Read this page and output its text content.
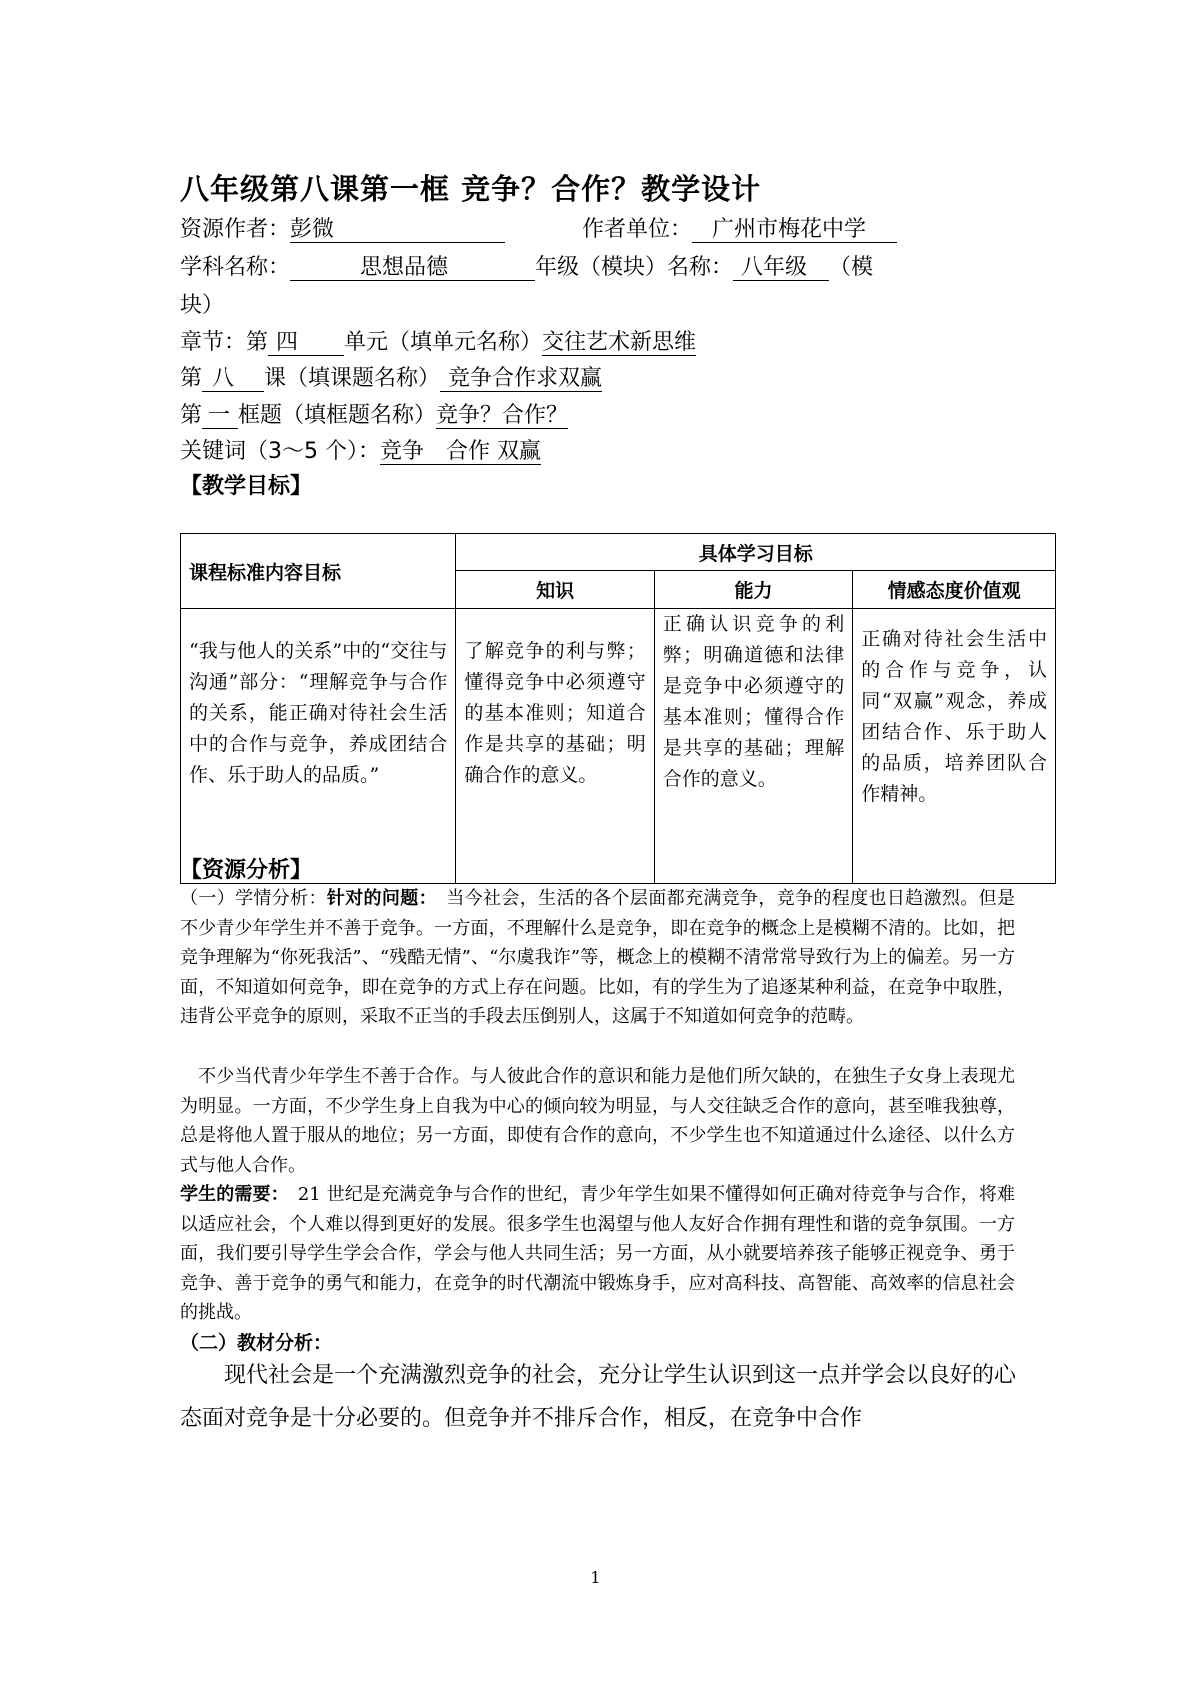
八年级第八课第一框 竞争？合作？教学设计
资源作者：彭微	作者单位： 广州市梅花中学
学科名称：	思想品德	年级（模块）名称： 八年级 （模
块）
章节：第 四 单元（填单元名称）交往艺术新思维
第 八 课（填课题名称） 竞争合作求双赢
第 一 框题（填框题名称）竞争？合作？
关键词（3～5 个）：竞争　合作 双赢
【教学目标】
课程标准内容目标	具体学习目标		
	知识	能力	情感态度价值观
“我与他人的关系”中的“交往与沟通”部分：“理解竞争与合作的关系，能正确对待社会生活中的合作与竞争，养成团结合作、乐于助人的品质。”	了解竞争的利与弊；懂得竞争中必须遵守的基本准则；知道合作是共享的基础；明确合作的意义。	正确认识竞争的利弊；明确道德和法律是竞争中必须遵守的基本准则；懂得合作是共享的基础；理解合作的意义。	正确对待社会生活中的合作与竞争，认同“双赢”观念，养成团结合作、乐于助人的品质，培养团队合作精神。
【资源分析】
（一）学情分析：针对的问题：　当今社会，生活的各个层面都充满竞争，竞争的程度也日趋激烈。但是不少青少年学生并不善于竞争。一方面，不理解什么是竞争，即在竞争的概念上是模糊不清的。比如，把竞争理解为“你死我活”、“残酷无情”、“尔虞我诈”等，概念上的模糊不清常常导致行为上的偏差。另一方面，不知道如何竞争，即在竞争的方式上存在问题。比如，有的学生为了追逐某种利益，在竞争中取胜，违背公平竞争的原则，采取不正当的手段去压倒别人，这属于不知道如何竞争的范畴。
　不少当代青少年学生不善于合作。与人彼此合作的意识和能力是他们所欠缺的，在独生子女身上表现尤为明显。一方面，不少学生身上自我为中心的倾向较为明显，与人交往缺乏合作的意向，甚至唯我独尊，总是将他人置于服从的地位；另一方面，即使有合作的意向，不少学生也不知道通过什么途径、以什么方式与他人合作。
学生的需要：　21 世纪是充满竞争与合作的世纪，青少年学生如果不懂得如何正确对待竞争与合作，将难以适应社会，个人难以得到更好的发展。很多学生也渴望与他人友好合作拥有理性和谐的竞争氛围。一方面，我们要引导学生学会合作，学会与他人共同生活；另一方面，从小就要培养孩子能够正视竞争、勇于竞争、善于竞争的勇气和能力，在竞争的时代潮流中锻炼身手，应对高科技、高智能、高效率的信息社会的挑战。
（二）教材分析：
现代社会是一个充满激烈竞争的社会，充分让学生认识到这一点并学会以良好的心态面对竞争是十分必要的。但竞争并不排斥合作，相反，在竞争中合作
1
